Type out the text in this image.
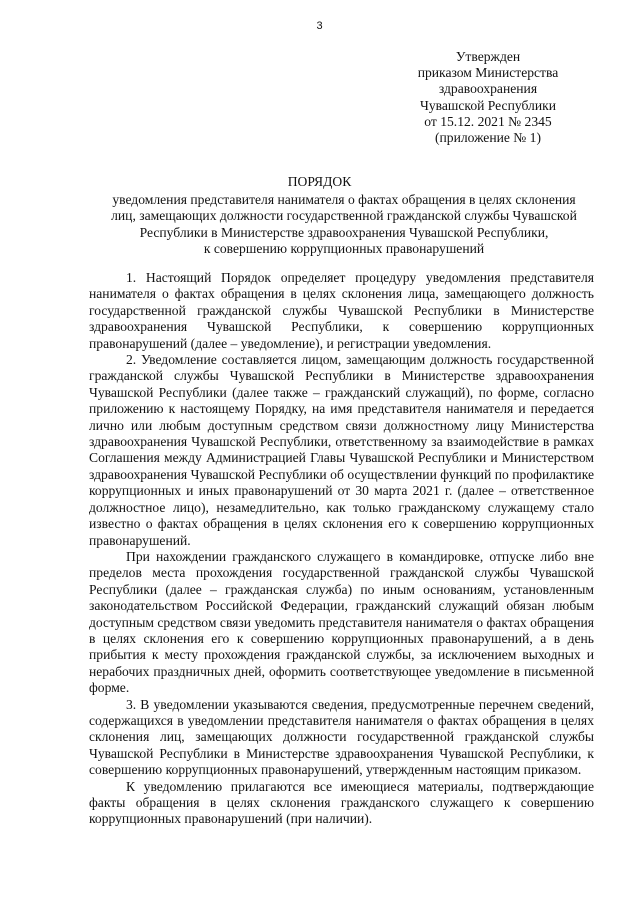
3
Утвержден
приказом Министерства
здравоохранения
Чувашской Республики
от 15.12. 2021 № 2345
(приложение № 1)
ПОРЯДОК
уведомления представителя нанимателя о фактах обращения в целях склонения
лиц, замещающих должности государственной гражданской службы Чувашской
Республики в Министерстве здравоохранения Чувашской Республики,
к совершению коррупционных правонарушений

1. Настоящий Порядок определяет процедуру уведомления представителя нанимателя о фактах обращения в целях склонения лица, замещающего должность государственной гражданской службы Чувашской Республики в Министерстве здравоохранения Чувашской Республики, к совершению коррупционных правонарушений (далее – уведомление), и регистрации уведомления.

2. Уведомление составляется лицом, замещающим должность государственной гражданской службы Чувашской Республики в Министерстве здравоохранения Чувашской Республики (далее также – гражданский служащий), по форме, согласно приложению к настоящему Порядку, на имя представителя нанимателя и передается лично или любым доступным средством связи должностному лицу Министерства здравоохранения Чувашской Республики, ответственному за взаимодействие в рамках Соглашения между Администрацией Главы Чувашской Республики и Министерством здравоохранения Чувашской Республики об осуществлении функций по профилактике коррупционных и иных правонарушений от 30 марта 2021 г. (далее – ответственное должностное лицо), незамедлительно, как только гражданскому служащему стало известно о фактах обращения в целях склонения его к совершению коррупционных правонарушений.

При нахождении гражданского служащего в командировке, отпуске либо вне пределов места прохождения государственной гражданской службы Чувашской Республики (далее – гражданская служба) по иным основаниям, установленным законодательством Российской Федерации, гражданский служащий обязан любым доступным средством связи уведомить представителя нанимателя о фактах обращения в целях склонения его к совершению коррупционных правонарушений, а в день прибытия к месту прохождения гражданской службы, за исключением выходных и нерабочих праздничных дней, оформить соответствующее уведомление в письменной форме.

3. В уведомлении указываются сведения, предусмотренные перечнем сведений, содержащихся в уведомлении представителя нанимателя о фактах обращения в целях склонения лиц, замещающих должности государственной гражданской службы Чувашской Республики в Министерстве здравоохранения Чувашской Республики, к совершению коррупционных правонарушений, утвержденным настоящим приказом.

К уведомлению прилагаются все имеющиеся материалы, подтверждающие факты обращения в целях склонения гражданского служащего к совершению коррупционных правонарушений (при наличии).
